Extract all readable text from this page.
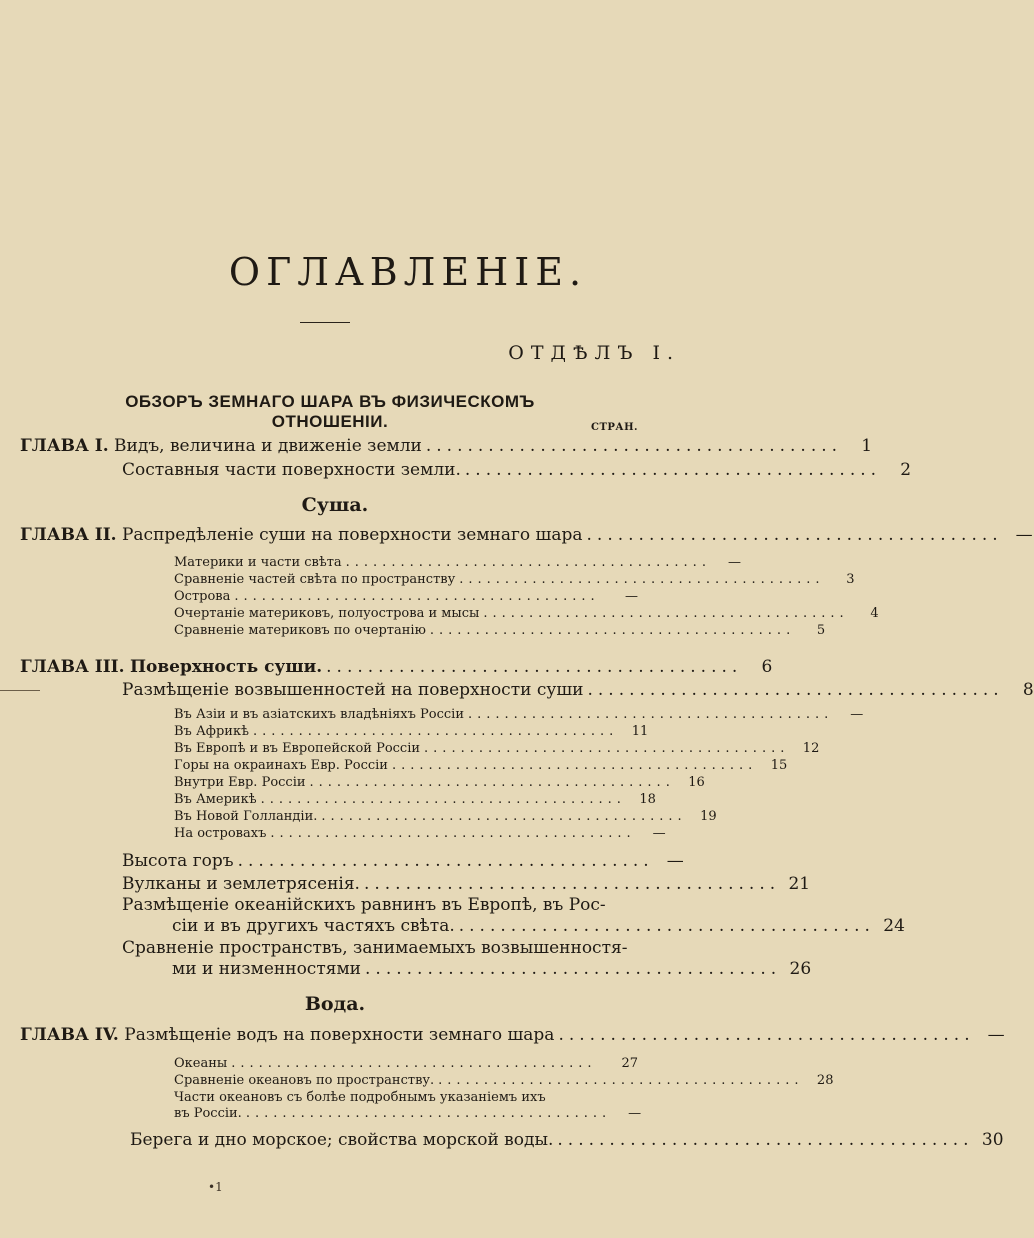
ОГЛАВЛЕНІЕ.
ОТДѢЛЪ I.
ОБЗОРЪ ЗЕМНАГО ШАРА ВЪ ФИЗИЧЕСКОМЪ ОТНОШЕНІИ.	СТРАН.
ГЛАВА I. Видъ, величина и движеніе земли ........................................	1
Составныя части поверхности земли. ........................................	2
Суша.
ГЛАВА II. Распредѣленіе суши на поверхности земнаго шара ........................................ —
Материки и части свѣта ........................................	—
Сравненіе частей свѣта по пространству ........................................	3
Острова ........................................	—
Очертаніе материковъ, полуострова и мысы ........................................	4
Сравненіе материковъ по очертанію ........................................	5
ГЛАВА III. Поверхность суши. ........................................	6
Размѣщеніе возвышенностей на поверхности суши ........................................	8
Въ Азіи и въ азіатскихъ владѣніяхъ Россіи ........................................	—
Въ Африкѣ ........................................	11
Въ Европѣ и въ Европейской Россіи ........................................	12
Горы на окраинахъ Евр. Россіи ........................................	15
Внутри Евр. Россіи ........................................	16
Въ Америкѣ ........................................	18
Въ Новой Голландіи. ........................................	19
На островахъ ........................................	—
Высота горъ ........................................ —
Вулканы и землетрясенія. ........................................ 21
Размѣщеніе океанійскихъ равнинъ въ Европѣ, въ Рос-
сіи и въ другихъ частяхъ свѣта. ........................................ 24
Сравненіе пространствъ, занимаемыхъ возвышенностя-
ми и низменностями ........................................ 26
Вода.
ГЛАВА IV. Размѣщеніе водъ на поверхности земнаго шара ........................................ —
Океаны ........................................	27
Сравненіе океановъ по пространству. ........................................	28
Части океановъ съ болѣе подробнымъ указаніемъ ихъ
въ Россіи. ........................................	—
Берега и дно морское; свойства морской воды. ........................................ 30
•1
